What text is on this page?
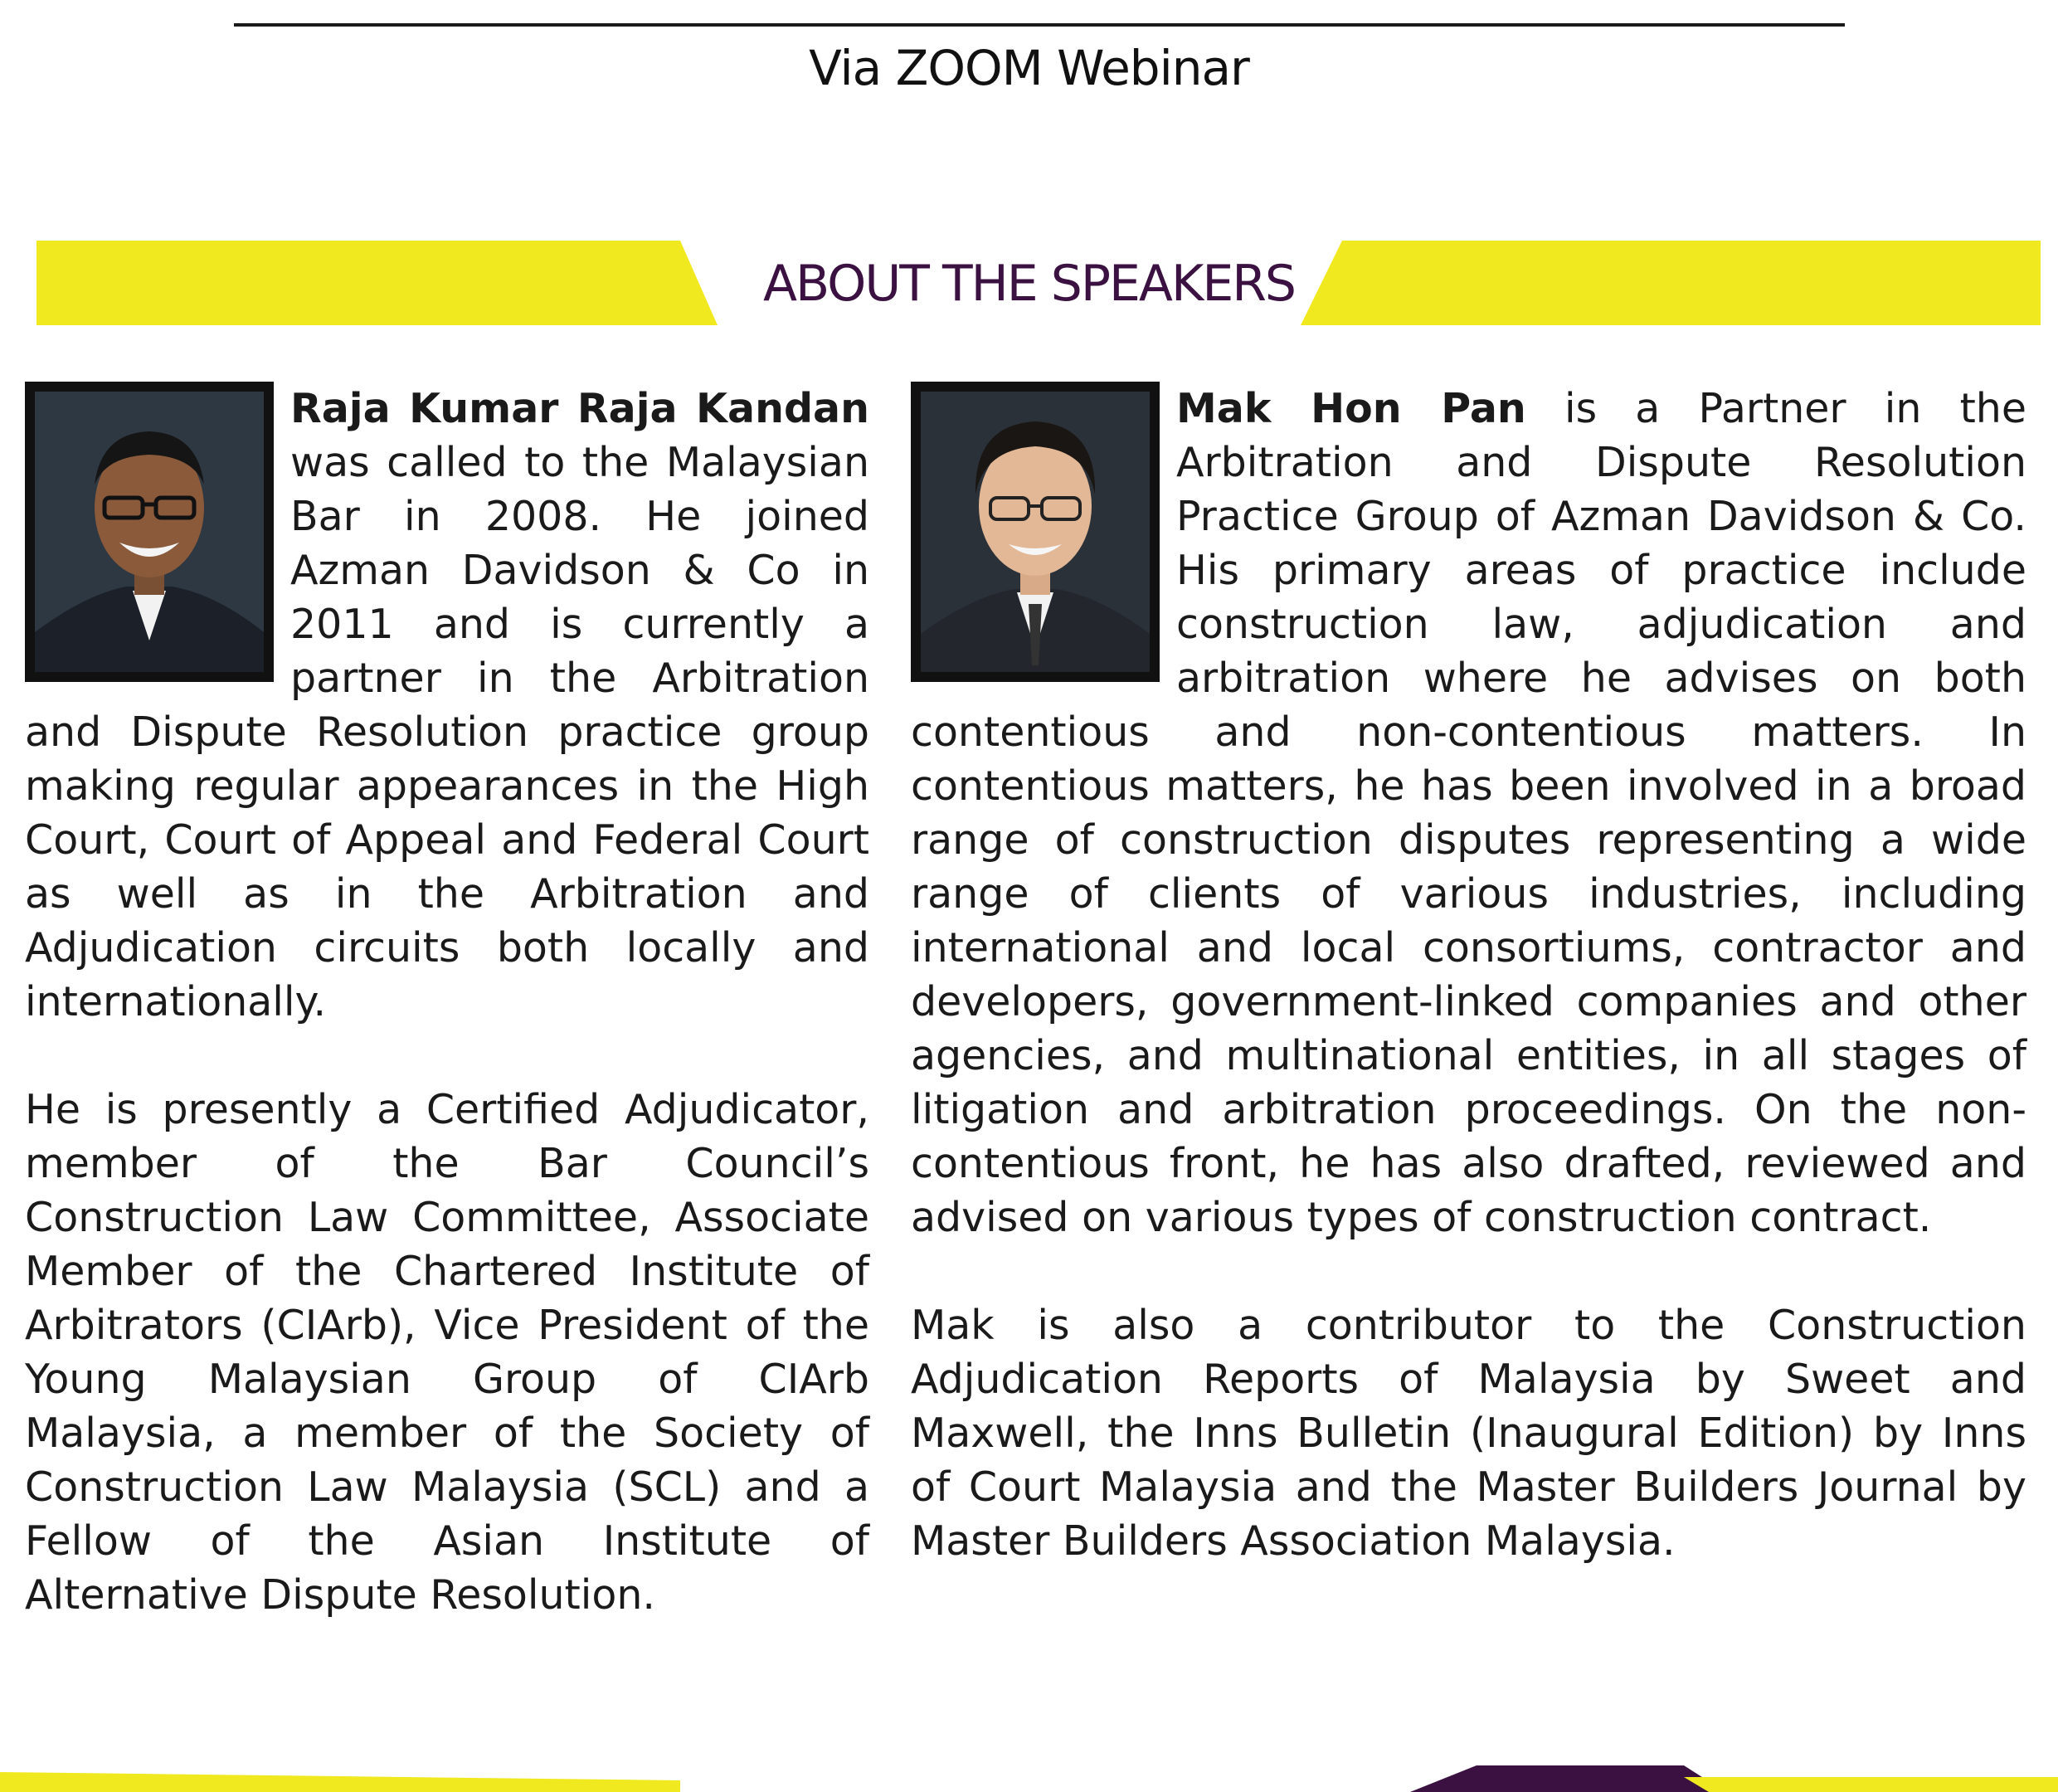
Via ZOOM Webinar
ABOUT THE SPEAKERS

Raja Kumar Raja Kandan was called to the Malaysian Bar in 2008. He joined Azman Davidson & Co in 2011 and is currently a partner in the Arbitration and Dispute Resolution practice group making regular appearances in the High Court, Court of Appeal and Federal Court as well as in the Arbitration and Adjudication circuits both locally and internationally.

He is presently a Certified Adjudicator, member of the Bar Council’s Construction Law Committee, Associate Member of the Chartered Institute of Arbitrators (CIArb), Vice President of the Young Malaysian Group of CIArb Malaysia, a member of the Society of Construction Law Malaysia (SCL) and a Fellow of the Asian Institute of Alternative Dispute Resolution.

Mak Hon Pan is a Partner in the Arbitration and Dispute Resolution Practice Group of Azman Davidson & Co. His primary areas of practice include construction law, adjudication and arbitration where he advises on both contentious and non-contentious matters. In contentious matters, he has been involved in a broad range of construction disputes representing a wide range of clients of various industries, including international and local consortiums, contractor and developers, government-linked companies and other agencies, and multinational entities, in all stages of litigation and arbitration proceedings. On the non-contentious front, he has also drafted, reviewed and advised on various types of construction contract.

Mak is also a contributor to the Construction Adjudication Reports of Malaysia by Sweet and Maxwell, the Inns Bulletin (Inaugural Edition) by Inns of Court Malaysia and the Master Builders Journal by Master Builders Association Malaysia.
